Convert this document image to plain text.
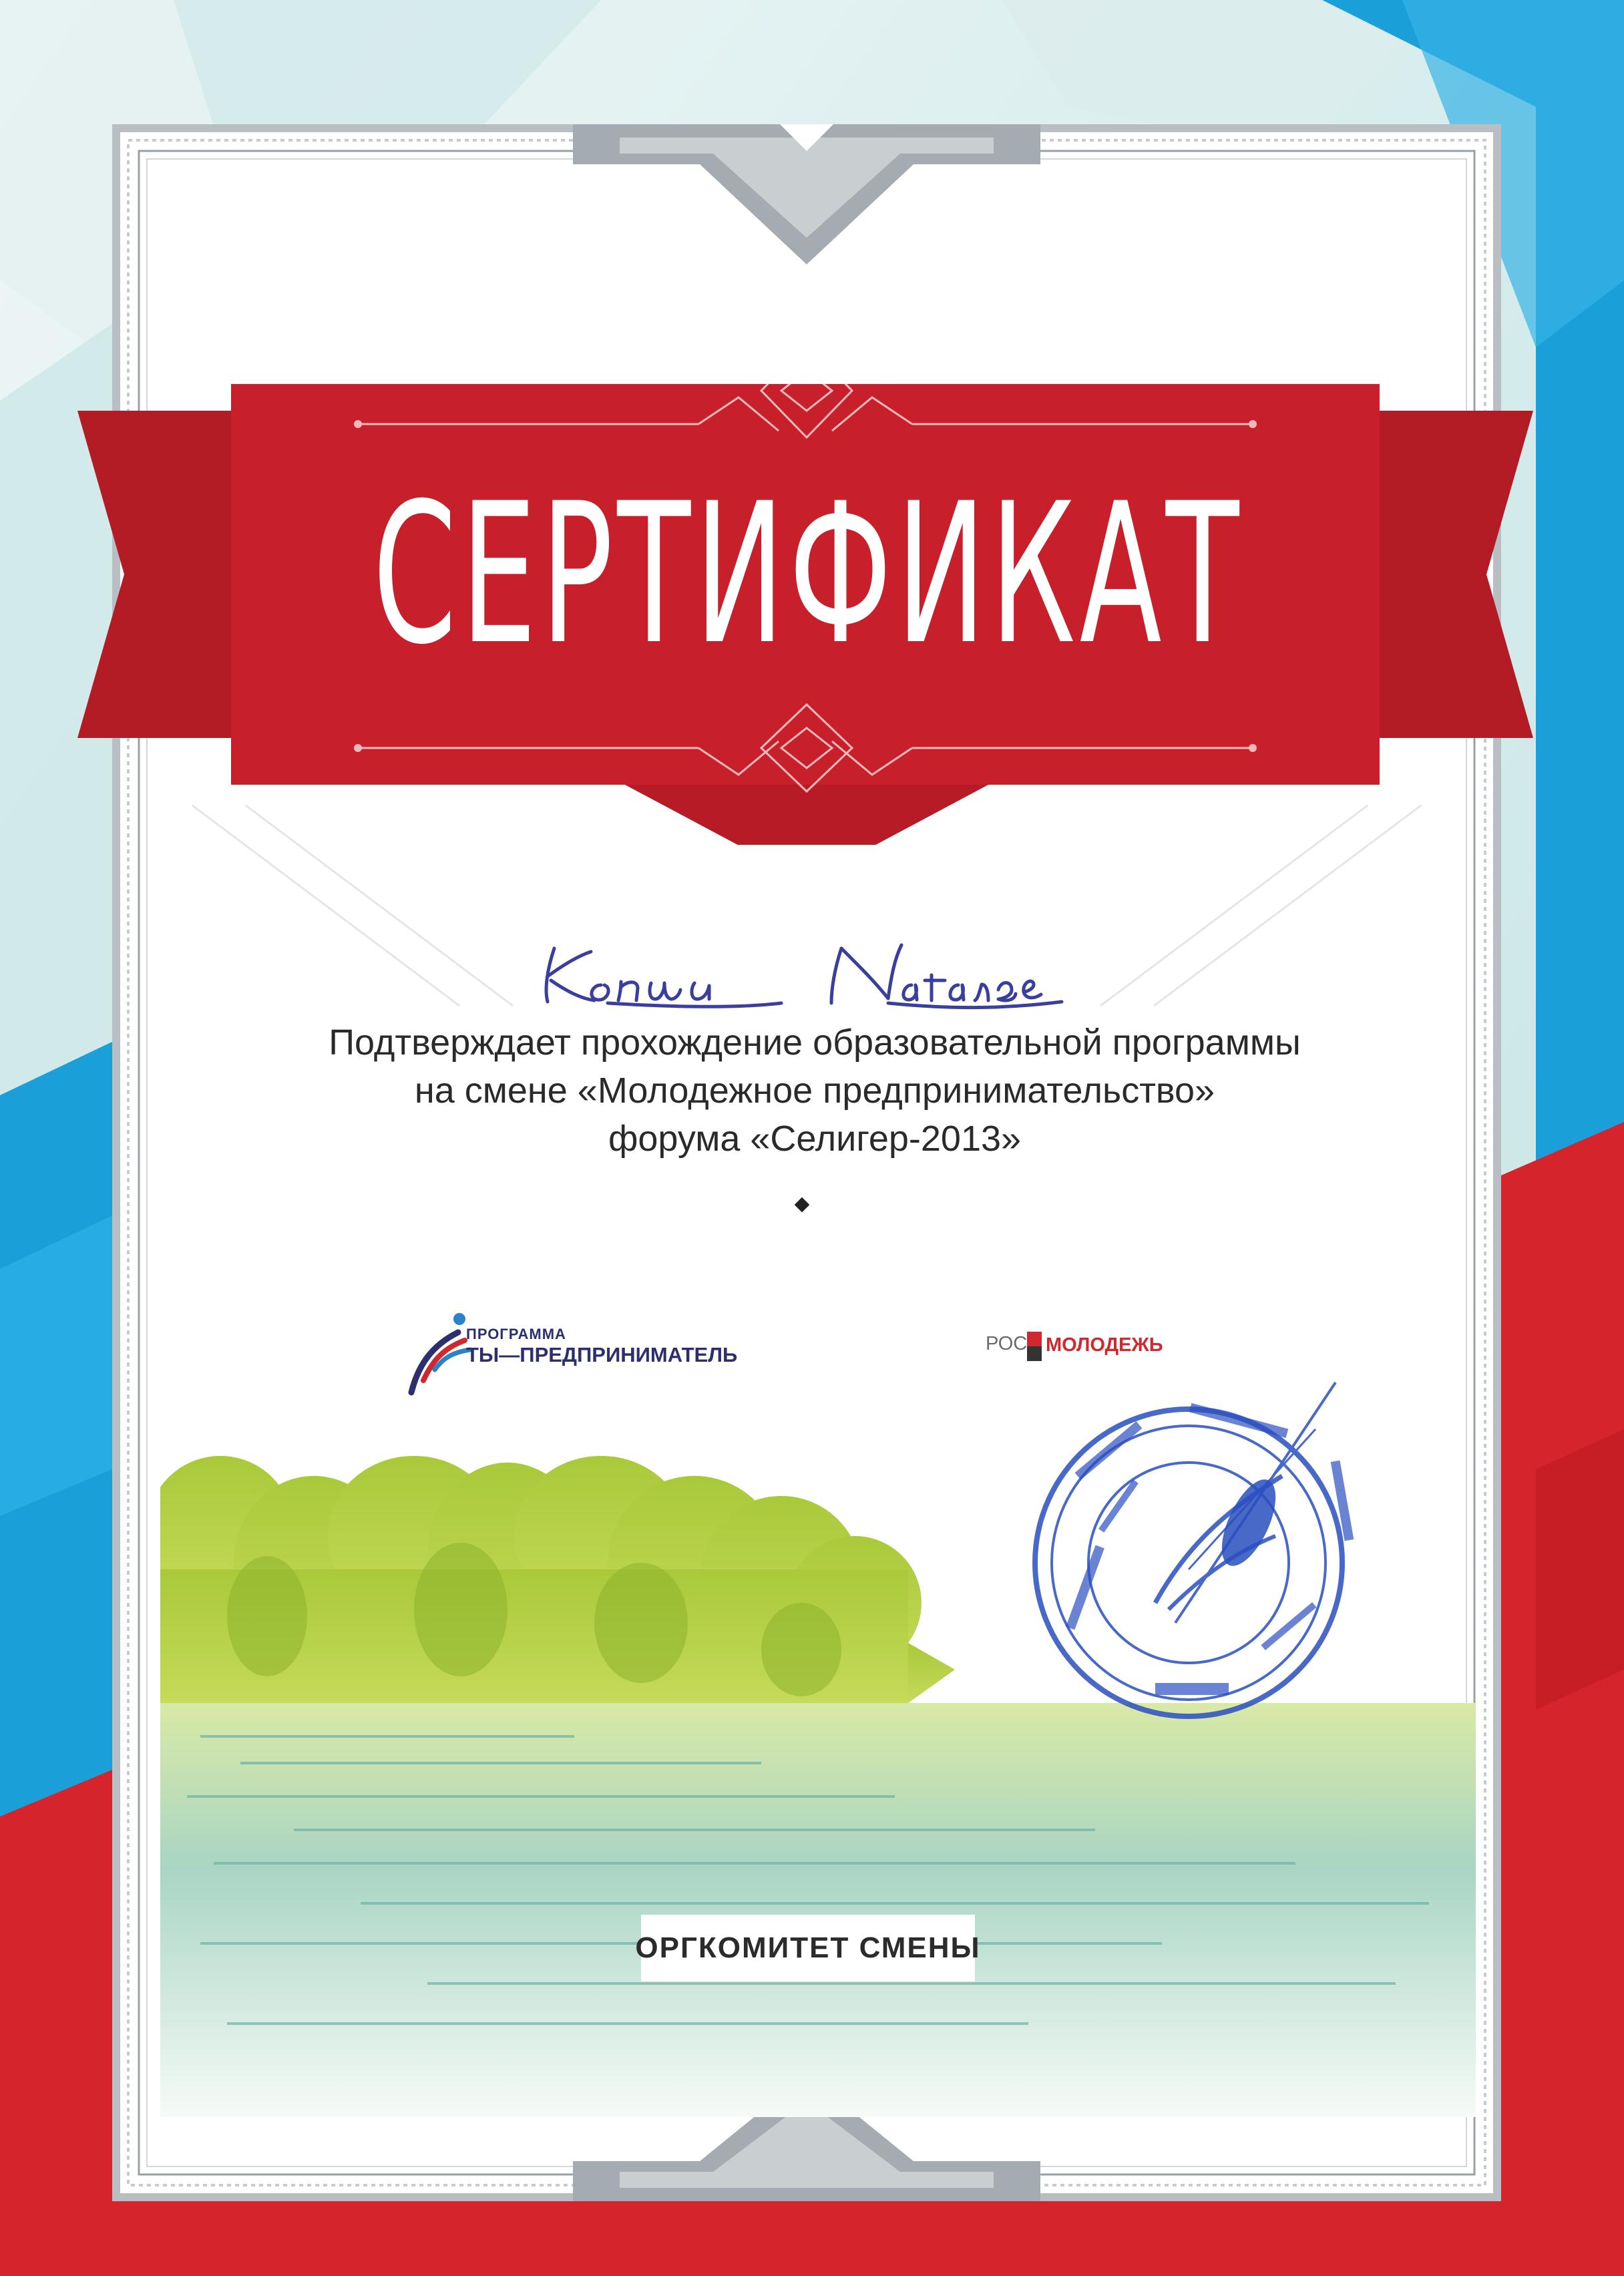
СЕРТИФИКАТ
Подтверждает прохождение образовательной программы
на смене «Молодежное предпринимательство»
форума «Селигер-2013»
ПРОГРАММА
ТЫ—ПРЕДПРИНИМАТЕЛЬ	РОС МОЛОДЕЖЬ
ОРГКОМИТЕТ СМЕНЫ
